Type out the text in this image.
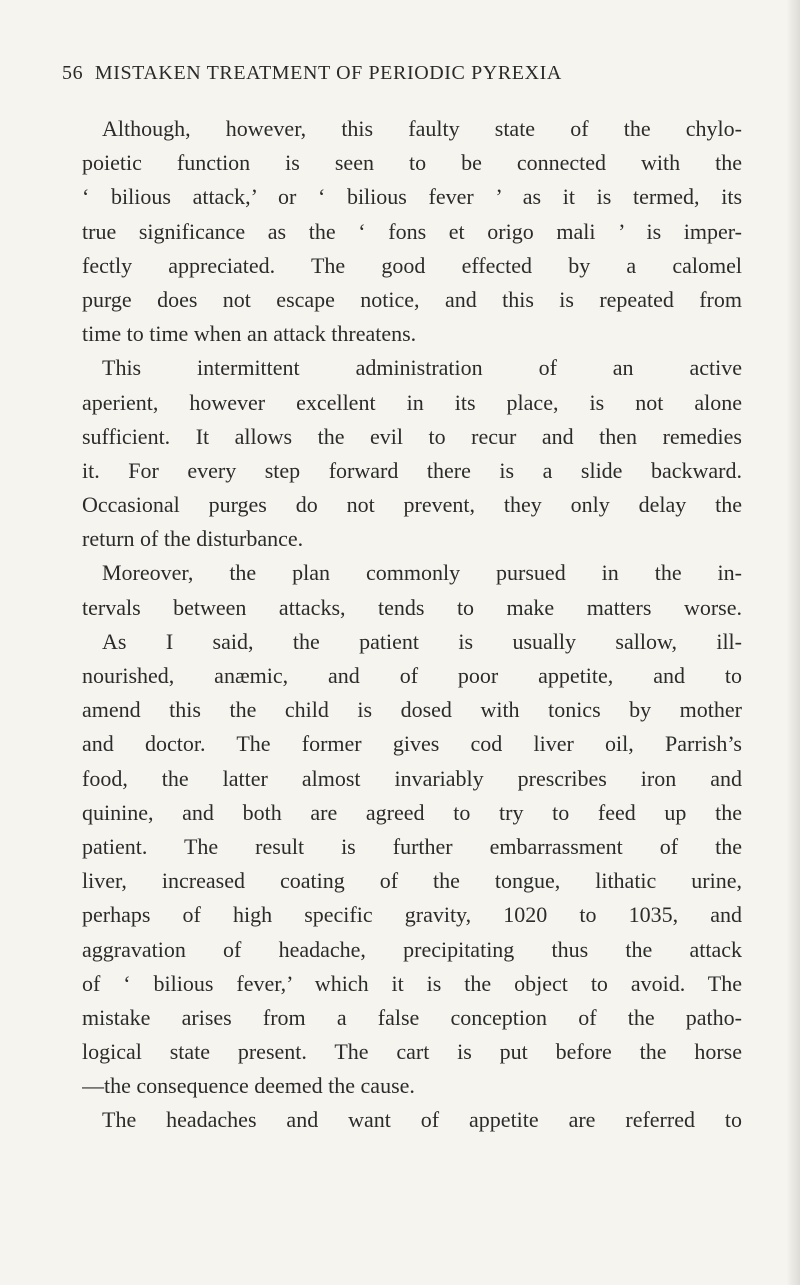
56 MISTAKEN TREATMENT OF PERIODIC PYREXIA
Although, however, this faulty state of the chylo-
poietic function is seen to be connected with the
‘ bilious attack,’ or ‘ bilious fever ’ as it is termed, its
true significance as the ‘ fons et origo mali ’ is imper-
fectly appreciated. The good effected by a calomel
purge does not escape notice, and this is repeated from
time to time when an attack threatens.
This intermittent administration of an active
aperient, however excellent in its place, is not alone
sufficient. It allows the evil to recur and then remedies
it. For every step forward there is a slide backward.
Occasional purges do not prevent, they only delay the
return of the disturbance.
Moreover, the plan commonly pursued in the in-
tervals between attacks, tends to make matters worse.
As I said, the patient is usually sallow, ill-
nourished, anæmic, and of poor appetite, and to
amend this the child is dosed with tonics by mother
and doctor. The former gives cod liver oil, Parrish’s
food, the latter almost invariably prescribes iron and
quinine, and both are agreed to try to feed up the
patient. The result is further embarrassment of the
liver, increased coating of the tongue, lithatic urine,
perhaps of high specific gravity, 1020 to 1035, and
aggravation of headache, precipitating thus the attack
of ‘ bilious fever,’ which it is the object to avoid. The
mistake arises from a false conception of the patho-
logical state present. The cart is put before the horse
—the consequence deemed the cause.
The headaches and want of appetite are referred to
